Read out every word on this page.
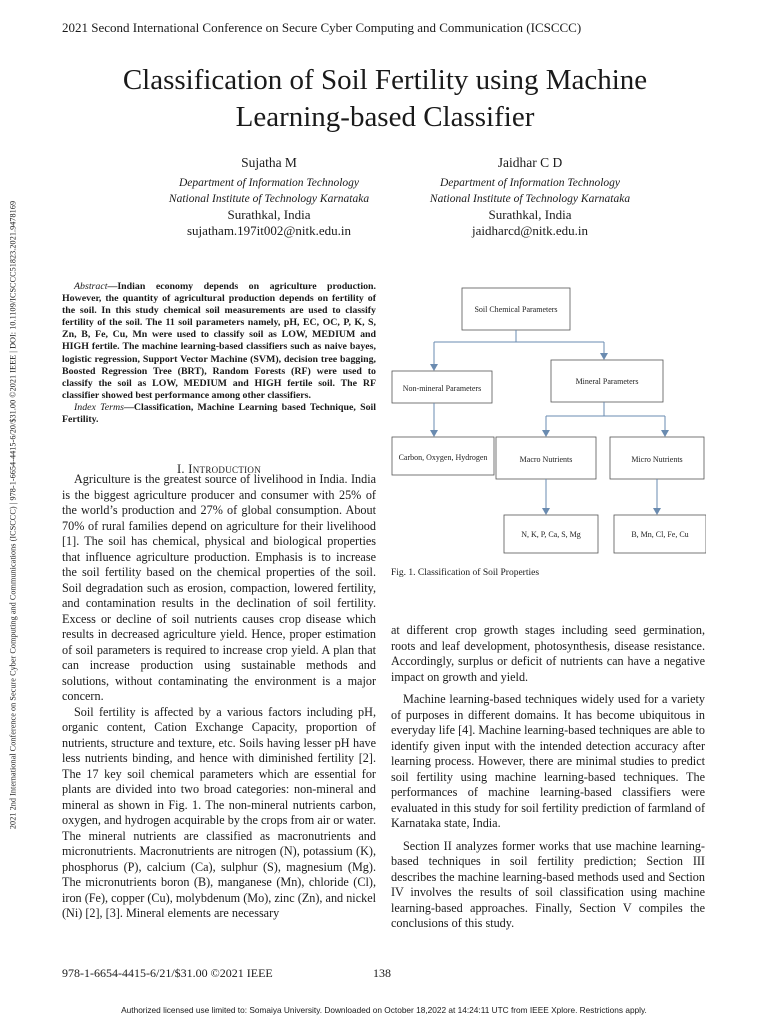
2021 Second International Conference on Secure Cyber Computing and Communication (ICSCCC)
2021 2nd International Conference on Secure Cyber Computing and Communications (ICSCCC) | 978-1-6654-4415-6/20/$31.00 ©2021 IEEE | DOI: 10.1109/ICSCCC51823.2021.9478169
Classification of Soil Fertility using Machine
Learning-based Classifier
Sujatha M
Department of Information Technology
National Institute of Technology Karnataka
Surathkal, India
sujatham.197it002@nitk.edu.in
Jaidhar C D
Department of Information Technology
National Institute of Technology Karnataka
Surathkal, India
jaidharcd@nitk.edu.in
Abstract—Indian economy depends on agriculture production. However, the quantity of agricultural production depends on fertility of the soil. In this study chemical soil measurements are used to classify fertility of the soil. The 11 soil parameters namely, pH, EC, OC, P, K, S, Zn, B, Fe, Cu, Mn were used to classify soil as LOW, MEDIUM and HIGH fertile. The machine learning-based classifiers such as naive bayes, logistic regression, Support Vector Machine (SVM), decision tree bagging, Boosted Regression Tree (BRT), Random Forests (RF) were used to classify the soil as LOW, MEDIUM and HIGH fertile soil. The RF classifier showed best performance among other classifiers.
Index Terms—Classification, Machine Learning based Technique, Soil Fertility.
I. Introduction

Agriculture is the greatest source of livelihood in India. India is the biggest agriculture producer and consumer with 25% of the world’s production and 27% of global consumption. About 70% of rural families depend on agriculture for their livelihood [1]. The soil has chemical, physical and biological properties that influence agriculture production. Emphasis is to increase the soil fertility based on the chemical properties of the soil. Soil degradation such as erosion, compaction, lowered fertility, and contamination results in the declination of soil fertility. Excess or decline of soil nutrients causes crop disease which results in decreased agriculture yield. Hence, proper estimation of soil parameters is required to increase crop yield. A plan that can increase production using sustainable methods and solutions, without contaminating the environment is a major concern.

Soil fertility is affected by a various factors including pH, organic content, Cation Exchange Capacity, proportion of nutrients, structure and texture, etc. Soils having lesser pH have less nutrients binding, and hence with diminished fertility [2]. The 17 key soil chemical parameters which are essential for plants are divided into two broad categories: non-mineral and mineral as shown in Fig. 1. The non-mineral nutrients carbon, oxygen, and hydrogen acquirable by the crops from air or water. The mineral nutrients are classified as macronutrients and micronutrients. Macronutrients are nitrogen (N), potassium (K), phosphorus (P), calcium (Ca), sulphur (S), magnesium (Mg). The micronutrients boron (B), manganese (Mn), chloride (Cl), iron (Fe), copper (Cu), molybdenum (Mo), zinc (Zn), and nickel (Ni) [2], [3]. Mineral elements are necessary

Soil Chemical Parameters
Non-mineral Parameters
Mineral Parameters
Carbon, Oxygen, Hydrogen	Macro Nutrients	Micro Nutrients
N, K, P, Ca, S, Mg	B, Mn, Cl, Fe, Cu
Fig. 1. Classification of Soil Properties

at different crop growth stages including seed germination, roots and leaf development, photosynthesis, disease resistance. Accordingly, surplus or deficit of nutrients can have a negative impact on growth and yield.

Machine learning-based techniques widely used for a variety of purposes in different domains. It has become ubiquitous in everyday life [4]. Machine learning-based techniques are able to identify given input with the intended detection accuracy after learning process. However, there are minimal studies to predict soil fertility using machine learning-based techniques. The performances of machine learning-based classifiers were evaluated in this study for soil fertility prediction of farmland of Karnataka state, India.

Section II analyzes former works that use machine learning-based techniques in soil fertility prediction; Section III describes the machine learning-based methods used and Section IV involves the results of soil classification using machine learning-based approaches. Finally, Section V compiles the conclusions of this study.

978-1-6654-4415-6/21/$31.00 ©2021 IEEE	138
Authorized licensed use limited to: Somaiya University. Downloaded on October 18,2022 at 14:24:11 UTC from IEEE Xplore. Restrictions apply.
